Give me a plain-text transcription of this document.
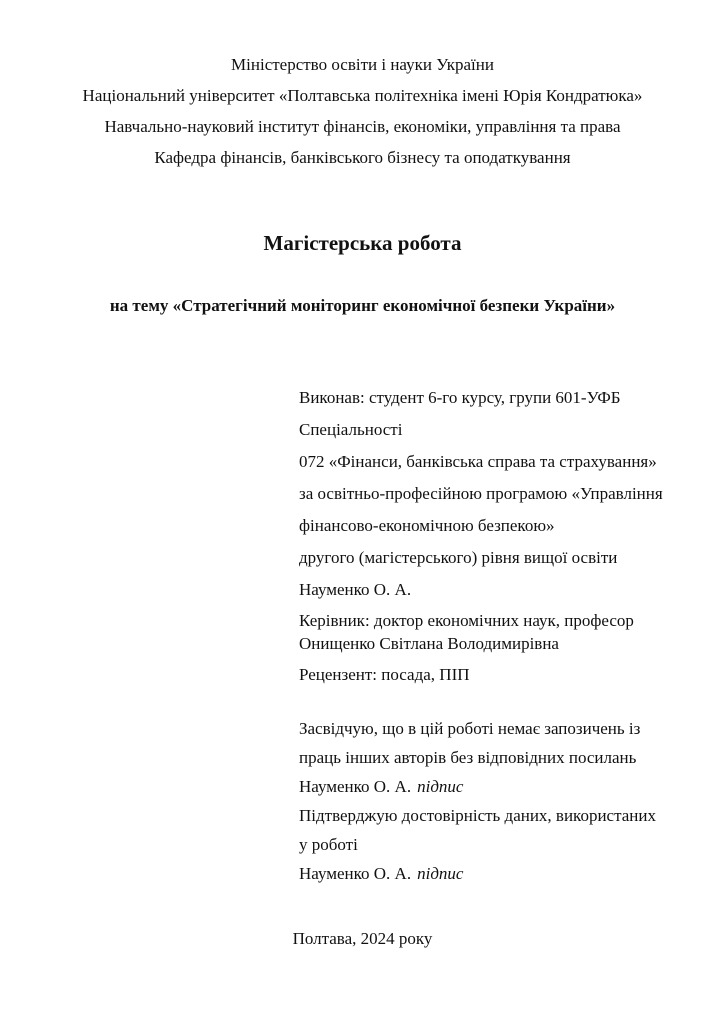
Міністерство освіти і науки України
Національний університет «Полтавська політехніка імені Юрія Кондратюка»
Навчально-науковий інститут фінансів, економіки, управління та права
Кафедра фінансів, банківського бізнесу та оподаткування
Магістерська робота
на тему «Стратегічний моніторинг економічної безпеки України»
Виконав: студент 6-го курсу, групи 601-УФБ
Спеціальності
072 «Фінанси, банківська справа та страхування»
за освітньо-професійною програмою «Управління
фінансово-економічною безпекою»
другого (магістерського) рівня вищої освіти
Науменко О. А.
Керівник: доктор економічних наук, професор
Онищенко Світлана Володимирівна
Рецензент: посада, ПІП
Засвідчую, що в цій роботі немає запозичень із
праць інших авторів без відповідних посилань
Науменко О. А. підпис
Підтверджую достовірність даних, використаних
у роботі
Науменко О. А. підпис
Полтава, 2024 року
